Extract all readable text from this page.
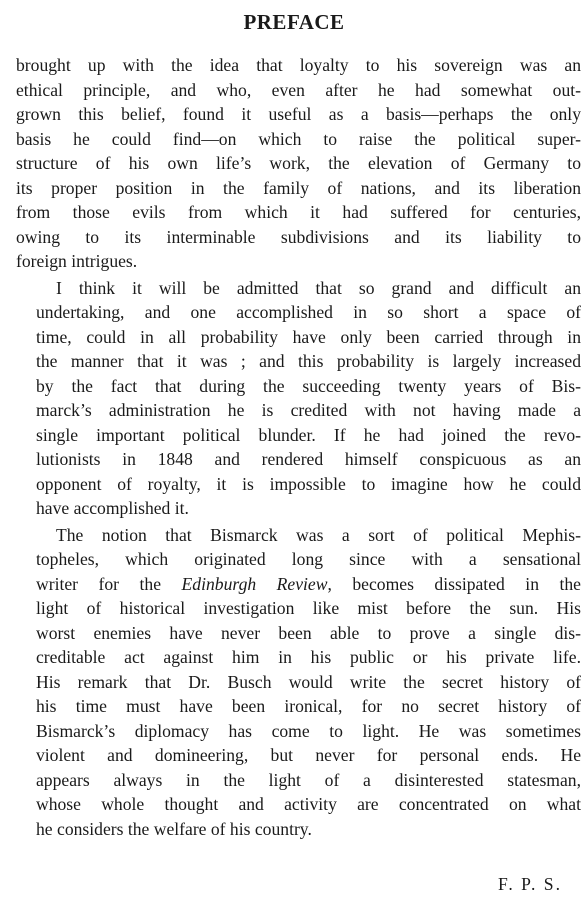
PREFACE

brought up with the idea that loyalty to his sovereign was an
ethical principle, and who, even after he had somewhat out-
grown this belief, found it useful as a basis—perhaps the only
basis he could find—on which to raise the political super-
structure of his own life’s work, the elevation of Germany to
its proper position in the family of nations, and its liberation
from those evils from which it had suffered for centuries,
owing to its interminable subdivisions and its liability to
foreign intrigues.

I think it will be admitted that so grand and difficult an
undertaking, and one accomplished in so short a space of
time, could in all probability have only been carried through in
the manner that it was ; and this probability is largely increased
by the fact that during the succeeding twenty years of Bis-
marck’s administration he is credited with not having made a
single important political blunder. If he had joined the revo-
lutionists in 1848 and rendered himself conspicuous as an
opponent of royalty, it is impossible to imagine how he could
have accomplished it.

The notion that Bismarck was a sort of political Mephis-
topheles, which originated long since with a sensational
writer for the Edinburgh Review, becomes dissipated in the
light of historical investigation like mist before the sun. His
worst enemies have never been able to prove a single dis-
creditable act against him in his public or his private life.
His remark that Dr. Busch would write the secret history of
his time must have been ironical, for no secret history of
Bismarck’s diplomacy has come to light. He was sometimes
violent and domineering, but never for personal ends. He
appears always in the light of a disinterested statesman,
whose whole thought and activity are concentrated on what
he considers the welfare of his country.

F. P. S.
